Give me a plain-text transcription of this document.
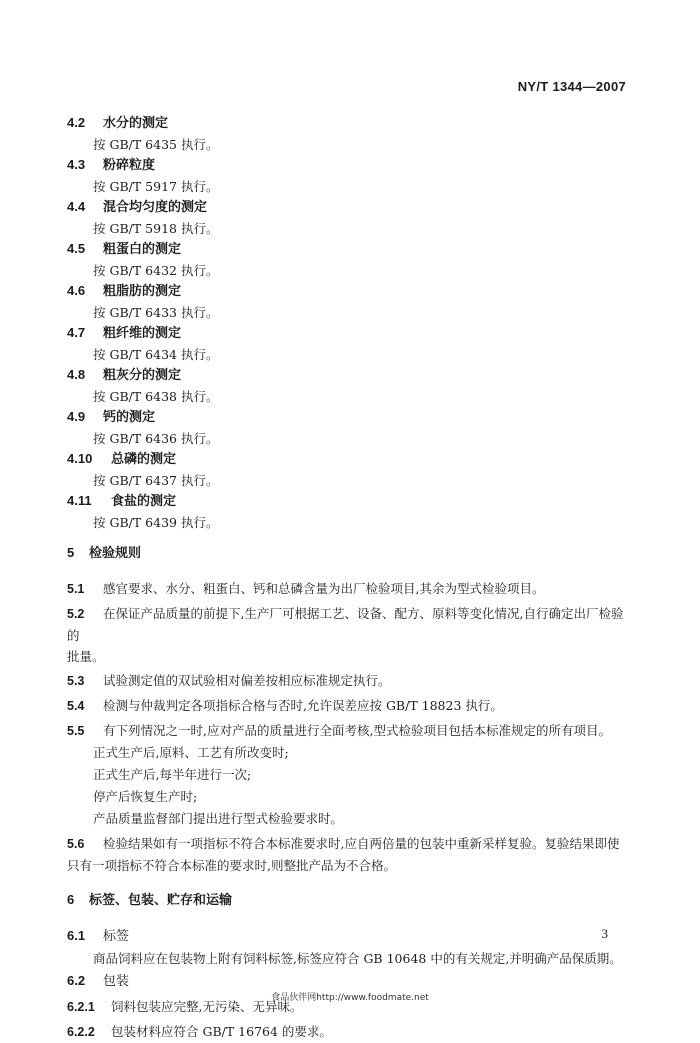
NY/T 1344—2007
4.2 水分的测定
按 GB/T 6435 执行。
4.3 粉碎粒度
按 GB/T 5917 执行。
4.4 混合均匀度的测定
按 GB/T 5918 执行。
4.5 粗蛋白的测定
按 GB/T 6432 执行。
4.6 粗脂肪的测定
按 GB/T 6433 执行。
4.7 粗纤维的测定
按 GB/T 6434 执行。
4.8 粗灰分的测定
按 GB/T 6438 执行。
4.9 钙的测定
按 GB/T 6436 执行。
4.10 总磷的测定
按 GB/T 6437 执行。
4.11 食盐的测定
按 GB/T 6439 执行。
5 检验规则
5.1 感官要求、水分、粗蛋白、钙和总磷含量为出厂检验项目,其余为型式检验项目。
5.2 在保证产品质量的前提下,生产厂可根据工艺、设备、配方、原料等变化情况,自行确定出厂检验的
批量。
5.3 试验测定值的双试验相对偏差按相应标准规定执行。
5.4 检测与仲裁判定各项指标合格与否时,允许误差应按 GB/T 18823 执行。
5.5 有下列情况之一时,应对产品的质量进行全面考核,型式检验项目包括本标准规定的所有项目。
正式生产后,原料、工艺有所改变时;
正式生产后,每半年进行一次;
停产后恢复生产时;
产品质量监督部门提出进行型式检验要求时。
5.6 检验结果如有一项指标不符合本标准要求时,应自两倍量的包装中重新采样复验。复验结果即使
只有一项指标不符合本标准的要求时,则整批产品为不合格。
6 标签、包装、贮存和运输
6.1 标签
商品饲料应在包装物上附有饲料标签,标签应符合 GB 10648 中的有关规定,并明确产品保质期。
6.2 包装
6.2.1 饲料包装应完整,无污染、无异味。
6.2.2 包装材料应符合 GB/T 16764 的要求。
3
食品伙伴网http://www.foodmate.net
